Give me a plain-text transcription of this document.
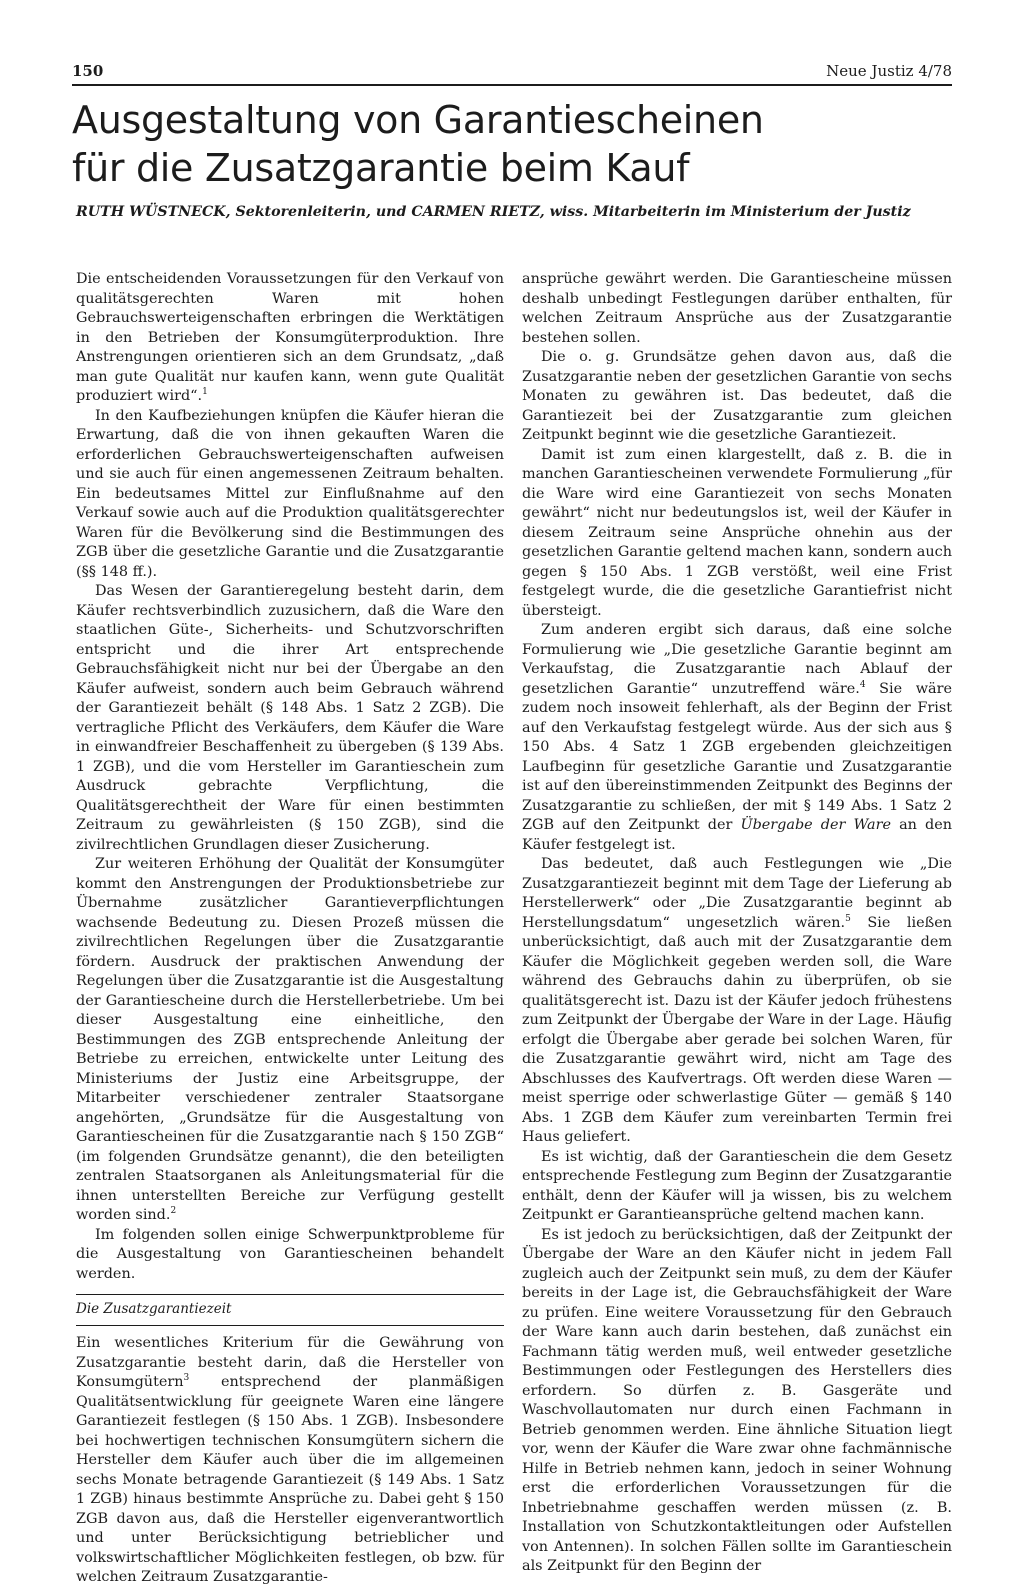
150	Neue Justiz 4/78
Ausgestaltung von Garantiescheinen
für die Zusatzgarantie beim Kauf

RUTH WÜSTNECK, Sektorenleiterin, und CARMEN RIETZ, wiss. Mitarbeiterin im Ministerium der Justiz

Die entscheidenden Voraussetzungen für den Verkauf von qualitätsgerechten Waren mit hohen Gebrauchswerteigenschaften erbringen die Werktätigen in den Betrieben der Konsumgüterproduktion. Ihre Anstrengungen orientieren sich an dem Grundsatz, „daß man gute Qualität nur kaufen kann, wenn gute Qualität produziert wird“.$^1$

In den Kaufbeziehungen knüpfen die Käufer hieran die Erwartung, daß die von ihnen gekauften Waren die erforderlichen Gebrauchswerteigenschaften aufweisen und sie auch für einen angemessenen Zeitraum behalten. Ein bedeutsames Mittel zur Einflußnahme auf den Verkauf sowie auch auf die Produktion qualitätsgerechter Waren für die Bevölkerung sind die Bestimmungen des ZGB über die gesetzliche Garantie und die Zusatzgarantie (§§ 148 ff.).

Das Wesen der Garantieregelung besteht darin, dem Käufer rechtsverbindlich zuzusichern, daß die Ware den staatlichen Güte-, Sicherheits- und Schutzvorschriften entspricht und die ihrer Art entsprechende Gebrauchsfähigkeit nicht nur bei der Übergabe an den Käufer aufweist, sondern auch beim Gebrauch während der Garantiezeit behält (§ 148 Abs. 1 Satz 2 ZGB). Die vertragliche Pflicht des Verkäufers, dem Käufer die Ware in einwandfreier Beschaffenheit zu übergeben (§ 139 Abs. 1 ZGB), und die vom Hersteller im Garantieschein zum Ausdruck gebrachte Verpflichtung, die Qualitätsgerechtheit der Ware für einen bestimmten Zeitraum zu gewährleisten (§ 150 ZGB), sind die zivilrechtlichen Grundlagen dieser Zusicherung.

Zur weiteren Erhöhung der Qualität der Konsumgüter kommt den Anstrengungen der Produktionsbetriebe zur Übernahme zusätzlicher Garantieverpflichtungen wachsende Bedeutung zu. Diesen Prozeß müssen die zivilrechtlichen Regelungen über die Zusatzgarantie fördern. Ausdruck der praktischen Anwendung der Regelungen über die Zusatzgarantie ist die Ausgestaltung der Garantiescheine durch die Herstellerbetriebe. Um bei dieser Ausgestaltung eine einheitliche, den Bestimmungen des ZGB entsprechende Anleitung der Betriebe zu erreichen, entwickelte unter Leitung des Ministeriums der Justiz eine Arbeitsgruppe, der Mitarbeiter verschiedener zentraler Staatsorgane angehörten, „Grundsätze für die Ausgestaltung von Garantiescheinen für die Zusatzgarantie nach § 150 ZGB“ (im folgenden Grundsätze genannt), die den beteiligten zentralen Staatsorganen als Anleitungsmaterial für die ihnen unterstellten Bereiche zur Verfügung gestellt worden sind.$^2$

Im folgenden sollen einige Schwerpunktprobleme für die Ausgestaltung von Garantiescheinen behandelt werden.

Die Zusatzgarantiezeit

Ein wesentliches Kriterium für die Gewährung von Zusatzgarantie besteht darin, daß die Hersteller von Konsumgütern$^3$ entsprechend der planmäßigen Qualitätsentwicklung für geeignete Waren eine längere Garantiezeit festlegen (§ 150 Abs. 1 ZGB). Insbesondere bei hochwertigen technischen Konsumgütern sichern die Hersteller dem Käufer auch über die im allgemeinen sechs Monate betragende Garantiezeit (§ 149 Abs. 1 Satz 1 ZGB) hinaus bestimmte Ansprüche zu. Dabei geht § 150 ZGB davon aus, daß die Hersteller eigenverantwortlich und unter Berücksichtigung betrieblicher und volkswirtschaftlicher Möglichkeiten festlegen, ob bzw. für welchen Zeitraum Zusatzgarantie-

ansprüche gewährt werden. Die Garantiescheine müssen deshalb unbedingt Festlegungen darüber enthalten, für welchen Zeitraum Ansprüche aus der Zusatzgarantie bestehen sollen.

Die o. g. Grundsätze gehen davon aus, daß die Zusatzgarantie neben der gesetzlichen Garantie von sechs Monaten zu gewähren ist. Das bedeutet, daß die Garantiezeit bei der Zusatzgarantie zum gleichen Zeitpunkt beginnt wie die gesetzliche Garantiezeit.

Damit ist zum einen klargestellt, daß z. B. die in manchen Garantiescheinen verwendete Formulierung „für die Ware wird eine Garantiezeit von sechs Monaten gewährt“ nicht nur bedeutungslos ist, weil der Käufer in diesem Zeitraum seine Ansprüche ohnehin aus der gesetzlichen Garantie geltend machen kann, sondern auch gegen § 150 Abs. 1 ZGB verstößt, weil eine Frist festgelegt wurde, die die gesetzliche Garantiefrist nicht übersteigt.

Zum anderen ergibt sich daraus, daß eine solche Formulierung wie „Die gesetzliche Garantie beginnt am Verkaufstag, die Zusatzgarantie nach Ablauf der gesetzlichen Garantie“ unzutreffend wäre.$^4$ Sie wäre zudem noch insoweit fehlerhaft, als der Beginn der Frist auf den Verkaufstag festgelegt würde. Aus der sich aus § 150 Abs. 4 Satz 1 ZGB ergebenden gleichzeitigen Laufbeginn für gesetzliche Garantie und Zusatzgarantie ist auf den übereinstimmenden Zeitpunkt des Beginns der Zusatzgarantie zu schließen, der mit § 149 Abs. 1 Satz 2 ZGB auf den Zeitpunkt der Übergabe der Ware an den Käufer festgelegt ist.

Das bedeutet, daß auch Festlegungen wie „Die Zusatzgarantiezeit beginnt mit dem Tage der Lieferung ab Herstellerwerk“ oder „Die Zusatzgarantie beginnt ab Herstellungsdatum“ ungesetzlich wären.$^5$ Sie ließen unberücksichtigt, daß auch mit der Zusatzgarantie dem Käufer die Möglichkeit gegeben werden soll, die Ware während des Gebrauchs dahin zu überprüfen, ob sie qualitätsgerecht ist. Dazu ist der Käufer jedoch frühestens zum Zeitpunkt der Übergabe der Ware in der Lage. Häufig erfolgt die Übergabe aber gerade bei solchen Waren, für die Zusatzgarantie gewährt wird, nicht am Tage des Abschlusses des Kaufvertrags. Oft werden diese Waren — meist sperrige oder schwerlastige Güter — gemäß § 140 Abs. 1 ZGB dem Käufer zum vereinbarten Termin frei Haus geliefert.

Es ist wichtig, daß der Garantieschein die dem Gesetz entsprechende Festlegung zum Beginn der Zusatzgarantie enthält, denn der Käufer will ja wissen, bis zu welchem Zeitpunkt er Garantieansprüche geltend machen kann.

Es ist jedoch zu berücksichtigen, daß der Zeitpunkt der Übergabe der Ware an den Käufer nicht in jedem Fall zugleich auch der Zeitpunkt sein muß, zu dem der Käufer bereits in der Lage ist, die Gebrauchsfähigkeit der Ware zu prüfen. Eine weitere Voraussetzung für den Gebrauch der Ware kann auch darin bestehen, daß zunächst ein Fachmann tätig werden muß, weil entweder gesetzliche Bestimmungen oder Festlegungen des Herstellers dies erfordern. So dürfen z. B. Gasgeräte und Waschvollautomaten nur durch einen Fachmann in Betrieb genommen werden. Eine ähnliche Situation liegt vor, wenn der Käufer die Ware zwar ohne fachmännische Hilfe in Betrieb nehmen kann, jedoch in seiner Wohnung erst die erforderlichen Voraussetzungen für die Inbetriebnahme geschaffen werden müssen (z. B. Installation von Schutzkontaktleitungen oder Aufstellen von Antennen). In solchen Fällen sollte im Garantieschein als Zeitpunkt für den Beginn der
